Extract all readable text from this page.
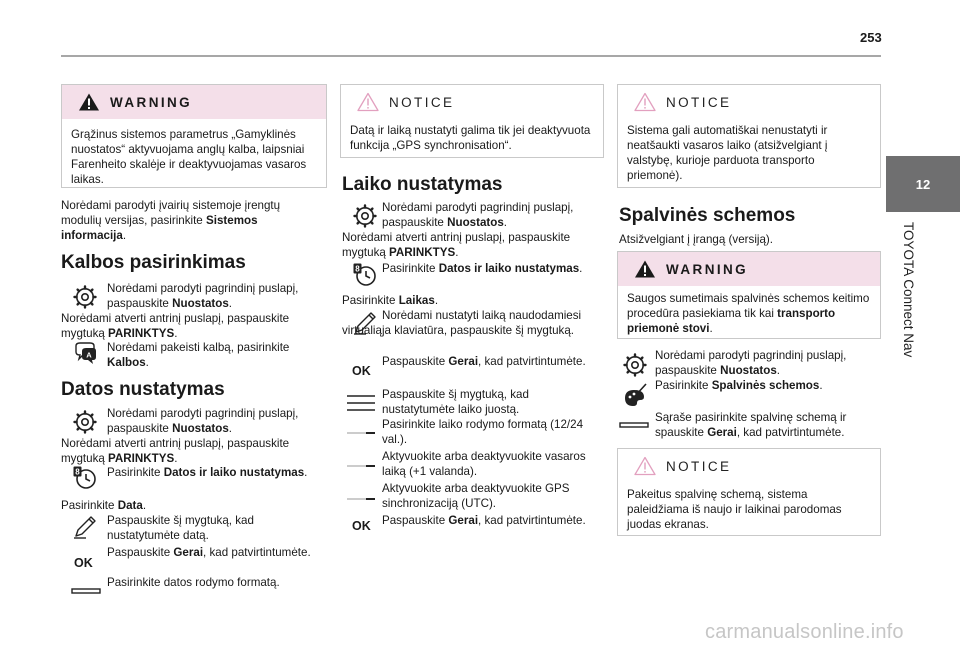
253
12
TOYOTA Connect Nav
WARNING
Grąžinus sistemos parametrus „Gamyklinės nuostatos“ aktyvuojama anglų kalba, laipsniai Farenheito skalėje ir deaktyvuojamas vasaros laikas.
Norėdami parodyti įvairių sistemoje įrengtų modulių versijas, pasirinkite Sistemos informacija.
Kalbos pasirinkimas
Norėdami parodyti pagrindinį puslapį, paspauskite Nuostatos.
Norėdami atverti antrinį puslapį, paspauskite mygtuką PARINKTYS.
Norėdami pakeisti kalbą, pasirinkite Kalbos.
Datos nustatymas
Norėdami parodyti pagrindinį puslapį, paspauskite Nuostatos.
Norėdami atverti antrinį puslapį, paspauskite mygtuką PARINKTYS.
Pasirinkite Datos ir laiko nustatymas.
Pasirinkite Data.
Paspauskite šį mygtuką, kad nustatytumėte datą.
OK
Paspauskite Gerai, kad patvirtintumėte.
Pasirinkite datos rodymo formatą.
NOTICE
Datą ir laiką nustatyti galima tik jei deaktyvuota funkcija „GPS synchronisation“.
Laiko nustatymas
Norėdami parodyti pagrindinį puslapį, paspauskite Nuostatos.
Norėdami atverti antrinį puslapį, paspauskite mygtuką PARINKTYS.
Pasirinkite Datos ir laiko nustatymas.
Pasirinkite Laikas.
Norėdami nustatyti laiką naudodamiesi virtualiąja klaviatūra, paspauskite šį mygtuką.
OK
Paspauskite Gerai, kad patvirtintumėte.
Paspauskite šį mygtuką, kad nustatytumėte laiko juostą.
Pasirinkite laiko rodymo formatą (12/24 val.).
Aktyvuokite arba deaktyvuokite vasaros laiką (+1 valanda).
Aktyvuokite arba deaktyvuokite GPS sinchronizaciją (UTC).
OK Paspauskite Gerai, kad patvirtintumėte.
NOTICE
Sistema gali automatiškai nenustatyti ir neatšaukti vasaros laiko (atsižvelgiant į valstybę, kurioje parduota transporto priemonė).
Spalvinės schemos
Atsižvelgiant į įrangą (versiją).
WARNING
Saugos sumetimais spalvinės schemos keitimo procedūra pasiekiama tik kai transporto priemonė stovi.
Norėdami parodyti pagrindinį puslapį, paspauskite Nuostatos.
Pasirinkite Spalvinės schemos.
Sąraše pasirinkite spalvinę schemą ir spauskite Gerai, kad patvirtintumėte.
NOTICE
Pakeitus spalvinę schemą, sistema paleidžiama iš naujo ir laikinai parodomas juodas ekranas.
carmanualsonline.info
